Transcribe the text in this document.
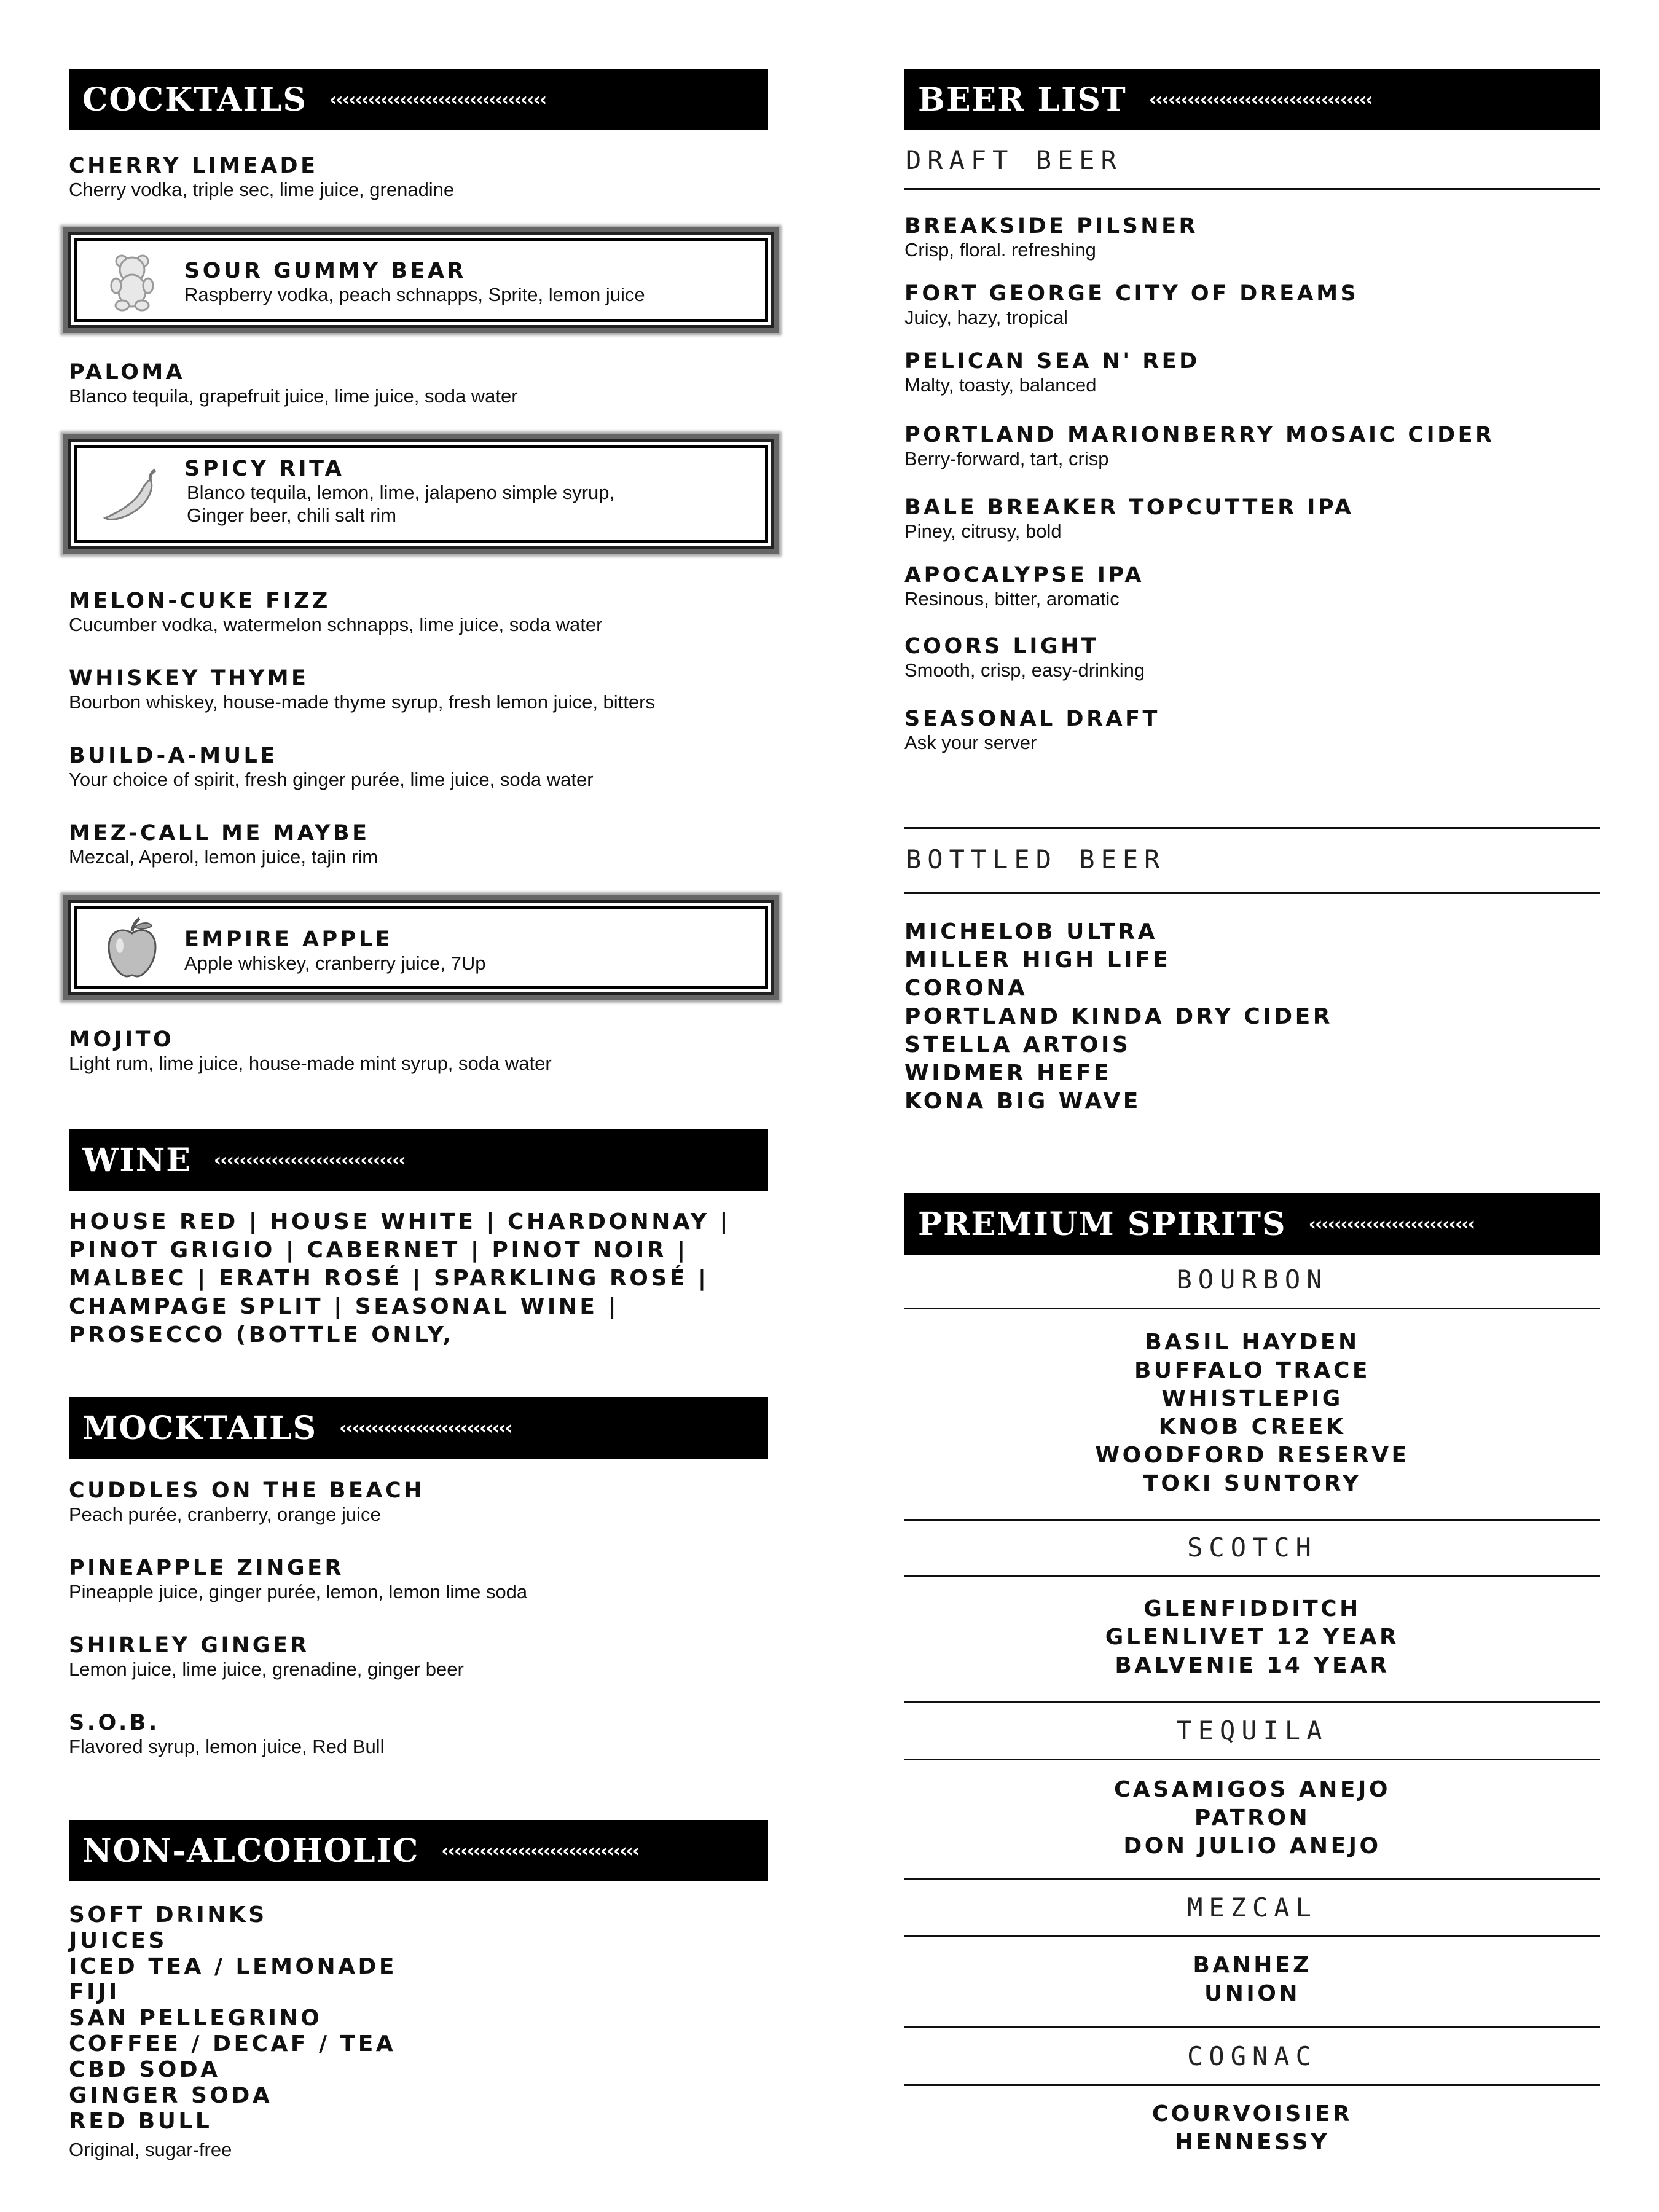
COCKTAILS ‹‹‹‹‹‹‹‹‹‹‹‹‹‹‹‹‹‹‹‹‹‹‹‹‹‹‹‹‹‹‹‹‹‹
CHERRY LIMEADE
Cherry vodka, triple sec, lime juice, grenadine
SOUR GUMMY BEAR
Raspberry vodka, peach schnapps, Sprite, lemon juice
PALOMA
Blanco tequila, grapefruit juice, lime juice, soda water
SPICY RITA
Blanco tequila, lemon, lime, jalapeno simple syrup,
Ginger beer, chili salt rim
MELON-CUKE FIZZ
Cucumber vodka, watermelon schnapps, lime juice, soda water
WHISKEY THYME
Bourbon whiskey, house-made thyme syrup, fresh lemon juice, bitters
BUILD-A-MULE
Your choice of spirit, fresh ginger purée, lime juice, soda water
MEZ-CALL ME MAYBE
Mezcal, Aperol, lemon juice, tajin rim
EMPIRE APPLE
Apple whiskey, cranberry juice, 7Up
MOJITO
Light rum, lime juice, house-made mint syrup, soda water
WINE ‹‹‹‹‹‹‹‹‹‹‹‹‹‹‹‹‹‹‹‹‹‹‹‹‹‹‹‹‹‹
HOUSE RED | HOUSE WHITE | CHARDONNAY |
PINOT GRIGIO | CABERNET | PINOT NOIR |
MALBEC | ERATH ROSÉ | SPARKLING ROSÉ |
CHAMPAGE SPLIT | SEASONAL WINE |
PROSECCO (BOTTLE ONLY,
MOCKTAILS ‹‹‹‹‹‹‹‹‹‹‹‹‹‹‹‹‹‹‹‹‹‹‹‹‹‹‹
CUDDLES ON THE BEACH
Peach purée, cranberry, orange juice
PINEAPPLE ZINGER
Pineapple juice, ginger purée, lemon, lemon lime soda
SHIRLEY GINGER
Lemon juice, lime juice, grenadine, ginger beer
S.O.B.
Flavored syrup, lemon juice, Red Bull
NON-ALCOHOLIC ‹‹‹‹‹‹‹‹‹‹‹‹‹‹‹‹‹‹‹‹‹‹‹‹‹‹‹‹‹‹‹
SOFT DRINKS
JUICES
ICED TEA / LEMONADE
FIJI
SAN PELLEGRINO
COFFEE / DECAF / TEA
CBD SODA
GINGER SODA
RED BULL
Original, sugar-free
BEER LIST ‹‹‹‹‹‹‹‹‹‹‹‹‹‹‹‹‹‹‹‹‹‹‹‹‹‹‹‹‹‹‹‹‹‹‹
DRAFT BEER
BREAKSIDE PILSNER
Crisp, floral. refreshing
FORT GEORGE CITY OF DREAMS
Juicy, hazy, tropical
PELICAN SEA N' RED
Malty, toasty, balanced
PORTLAND MARIONBERRY MOSAIC CIDER
Berry-forward, tart, crisp
BALE BREAKER TOPCUTTER IPA
Piney, citrusy, bold
APOCALYPSE IPA
Resinous, bitter, aromatic
COORS LIGHT
Smooth, crisp, easy-drinking
SEASONAL DRAFT
Ask your server
BOTTLED BEER
MICHELOB ULTRA
MILLER HIGH LIFE
CORONA
PORTLAND KINDA DRY CIDER
STELLA ARTOIS
WIDMER HEFE
KONA BIG WAVE
PREMIUM SPIRITS ‹‹‹‹‹‹‹‹‹‹‹‹‹‹‹‹‹‹‹‹‹‹‹‹‹‹
BOURBON
BASIL HAYDEN
BUFFALO TRACE
WHISTLEPIG
KNOB CREEK
WOODFORD RESERVE
TOKI SUNTORY
SCOTCH
GLENFIDDITCH
GLENLIVET 12 YEAR
BALVENIE 14 YEAR
TEQUILA
CASAMIGOS ANEJO
PATRON
DON JULIO ANEJO
MEZCAL
BANHEZ
UNION
COGNAC
COURVOISIER
HENNESSY
